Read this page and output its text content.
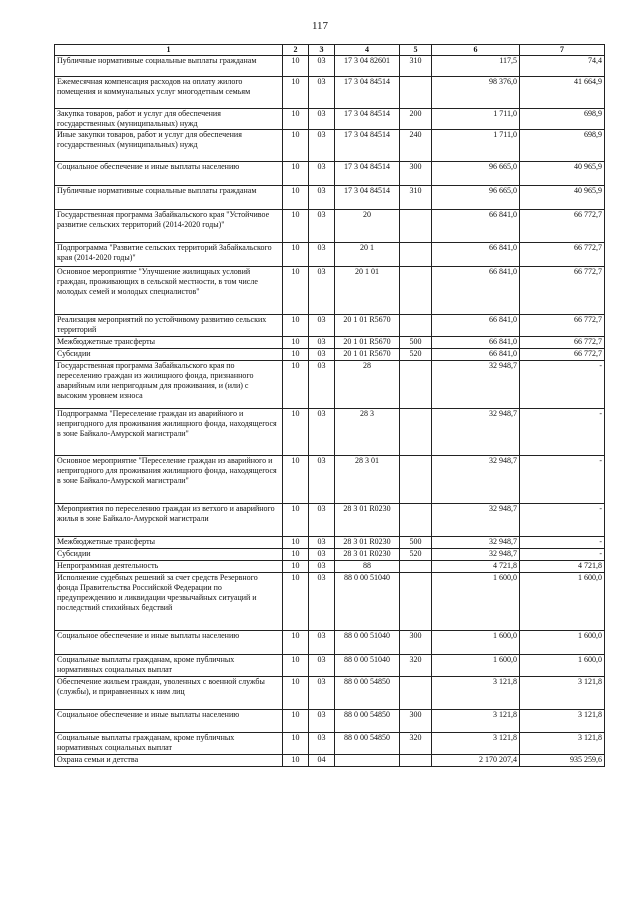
117
1	2	3	4	5	6	7
Публичные нормативные социальные выплаты гражданам	10	03	17 3 04 82601	310	117,5	74,4
Ежемесячная компенсация расходов на оплату жилого помещения и коммунальных услуг многодетным семьям	10	03	17 3 04 84514		98 376,0	41 664,9
Закупка товаров, работ и услуг для обеспечения государственных (муниципальных) нужд	10	03	17 3 04 84514	200	1 711,0	698,9
Иные закупки товаров, работ и услуг для обеспечения государственных (муниципальных) нужд	10	03	17 3 04 84514	240	1 711,0	698,9
Социальное обеспечение и иные выплаты населению	10	03	17 3 04 84514	300	96 665,0	40 965,9
Публичные нормативные социальные выплаты гражданам	10	03	17 3 04 84514	310	96 665,0	40 965,9
Государственная программа Забайкальского края "Устойчивое развитие сельских территорий (2014-2020 годы)"	10	03	20		66 841,0	66 772,7
Подпрограмма "Развитие сельских территорий Забайкальского края (2014-2020 годы)"	10	03	20 1		66 841,0	66 772,7
Основное мероприятие "Улучшение жилищных условий граждан, проживающих в сельской местности, в том числе молодых семей и молодых специалистов"	10	03	20 1 01		66 841,0	66 772,7
Реализация мероприятий по устойчивому развитию сельских территорий	10	03	20 1 01 R5670		66 841,0	66 772,7
Межбюджетные трансферты	10	03	20 1 01 R5670	500	66 841,0	66 772,7
Субсидии	10	03	20 1 01 R5670	520	66 841,0	66 772,7
Государственная программа Забайкальского края по переселению граждан из жилищного фонда, признанного аварийным или непригодным для проживания, и (или) с высоким уровнем износа	10	03	28		32 948,7	-
Подпрограмма "Переселение граждан из аварийного и непригодного для проживания жилищного фонда, находящегося в зоне Байкало-Амурской магистрали"	10	03	28 3		32 948,7	-
Основное мероприятие "Переселение граждан из аварийного и непригодного для проживания жилищного фонда, находящегося в зоне Байкало-Амурской магистрали"	10	03	28 3 01		32 948,7	-
Мероприятия по переселению граждан из ветхого и аварийного жилья в зоне Байкало-Амурской магистрали	10	03	28 3 01 R0230		32 948,7	-
Межбюджетные трансферты	10	03	28 3 01 R0230	500	32 948,7	-
Субсидии	10	03	28 3 01 R0230	520	32 948,7	-
Непрограммная деятельность	10	03	88		4 721,8	4 721,8
Исполнение судебных решений за счет средств Резервного фонда Правительства Российской Федерации по предупреждению и ликвидации чрезвычайных ситуаций и последствий стихийных бедствий	10	03	88 0 00 51040		1 600,0	1 600,0
Социальное обеспечение и иные выплаты населению	10	03	88 0 00 51040	300	1 600,0	1 600,0
Социальные выплаты гражданам, кроме публичных нормативных социальных выплат	10	03	88 0 00 51040	320	1 600,0	1 600,0
Обеспечение жильем граждан, уволенных с военной службы (службы), и приравненных к ним лиц	10	03	88 0 00 54850		3 121,8	3 121,8
Социальное обеспечение и иные выплаты населению	10	03	88 0 00 54850	300	3 121,8	3 121,8
Социальные выплаты гражданам, кроме публичных нормативных социальных выплат	10	03	88 0 00 54850	320	3 121,8	3 121,8
Охрана семьи и детства	10	04			2 170 207,4	935 259,6
